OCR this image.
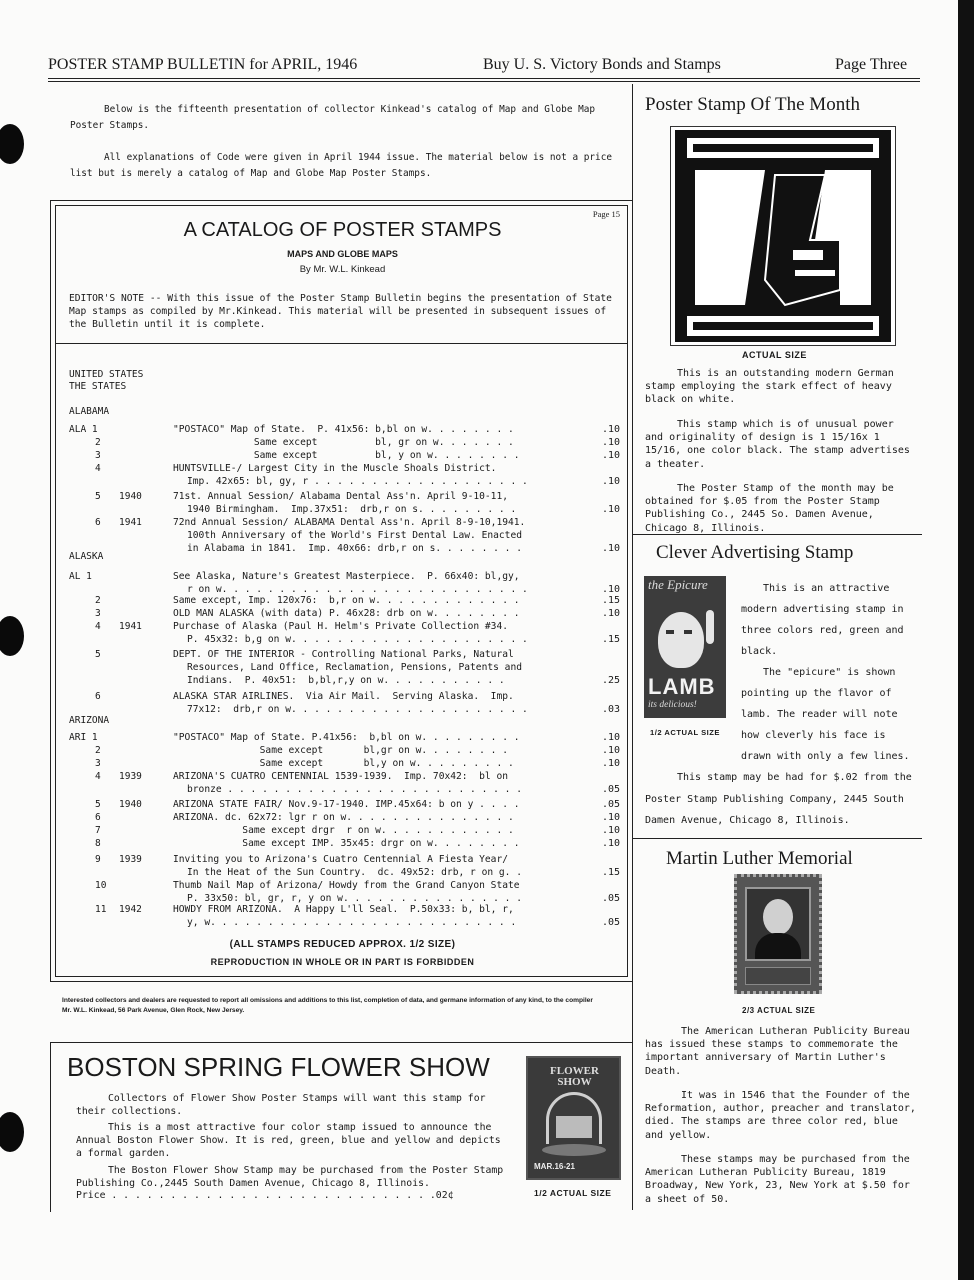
POSTER STAMP BULLETIN for APRIL, 1946	Buy U. S. Victory Bonds and Stamps	Page Three
Below is the fifteenth presentation of collector Kinkead's catalog of Map and Globe Map Poster Stamps.
All explanations of Code were given in April 1944 issue. The material below is not a price list but is merely a catalog of Map and Globe Map Poster Stamps.
Page 15
A CATALOG OF POSTER STAMPS
MAPS AND GLOBE MAPS
By Mr. W.L. Kinkead
EDITOR'S NOTE -- With this issue of the Poster Stamp Bulletin begins the presentation of State Map stamps as compiled by Mr.Kinkead. This material will be presented in subsequent issues of the Bulletin until it is complete.
UNITED STATES
THE STATES
ALABAMA
ALASKA
ARIZONA
ALA 1	"POSTACO" Map of State.  P. 41x56: b,bl on w. . . . . . . .	.10
2	Same except          bl, gr on w. . . . . . .	.10
3	Same except          bl, y on w. . . . . . . .	.10
4	HUNTSVILLE-/ Largest City in the Muscle Shoals District.
Imp. 42x65: bl, gy, r . . . . . . . . . . . . . . . . . . .	.10
5 1940	71st. Annual Session/ Alabama Dental Ass'n. April 9-10-11,
1940 Birmingham.  Imp.37x51:  drb,r on s. . . . . . . . .	.10
6 1941	72nd Annual Session/ ALABAMA Dental Ass'n. April 8-9-10,1941.
100th Anniversary of the World's First Dental Law. Enacted
in Alabama in 1841.  Imp. 40x66: drb,r on s. . . . . . . .	.10
AL 1	See Alaska, Nature's Greatest Masterpiece.  P. 66x40: bl,gy,
r on w. . . . . . . . . . . . . . . . . . . . . . . . . . .	.10
2	Same except, Imp. 120x76:  b,r on w. . . . . . . . . . . . .	.15
3	OLD MAN ALASKA (with data) P. 46x28: drb on w. . . . . . . .	.10
4 1941	Purchase of Alaska (Paul H. Helm's Private Collection #34.
P. 45x32: b,g on w. . . . . . . . . . . . . . . . . . . . .	.15
5	DEPT. OF THE INTERIOR - Controlling National Parks, Natural
Resources, Land Office, Reclamation, Pensions, Patents and
Indians.  P. 40x51:  b,bl,r,y on w. . . . . . . . . . .	.25
6	ALASKA STAR AIRLINES.  Via Air Mail.  Serving Alaska.  Imp.
77x12:  drb,r on w. . . . . . . . . . . . . . . . . . . . .	.03
ARI 1	"POSTACO" Map of State. P.41x56:  b,bl on w. . . . . . . . .	.10
2	Same except       bl,gr on w. . . . . . . .	.10
3	Same except       bl,y on w. . . . . . . . .	.10
4 1939	ARIZONA'S CUATRO CENTENNIAL 1539-1939.  Imp. 70x42:  bl on
bronze . . . . . . . . . . . . . . . . . . . . . . . . . .	.05
5 1940	ARIZONA STATE FAIR/ Nov.9-17-1940. IMP.45x64: b on y . . . .	.05
6	ARIZONA. dc. 62x72: lgr r on w. . . . . . . . . . . . . . .	.10
7	Same except drgr  r on w. . . . . . . . . . . .	.10
8	Same except IMP. 35x45: drgr on w. . . . . . . .	.10
9 1939	Inviting you to Arizona's Cuatro Centennial A Fiesta Year/
In the Heat of the Sun Country.  dc. 49x52: drb, r on g. .	.15
10	Thumb Nail Map of Arizona/ Howdy from the Grand Canyon State
P. 33x50: bl, gr, r, y on w. . . . . . . . . . . . . . . .	.05
11 1942	HOWDY FROM ARIZONA.  A Happy L'll Seal.  P.50x33: b, bl, r,
y, w. . . . . . . . . . . . . . . . . . . . . . . . . . .	.05
(ALL STAMPS REDUCED APPROX. 1/2 SIZE)
REPRODUCTION IN WHOLE OR IN PART IS FORBIDDEN
Interested collectors and dealers are requested to report all omissions and additions to this list, completion of data, and germane information of any kind, to the compiler Mr. W.L. Kinkead, 56 Park Avenue, Glen Rock, New Jersey.
BOSTON SPRING FLOWER SHOW
Collectors of Flower Show Poster Stamps will want this stamp for their collections.
This is a most attractive four color stamp issued to announce the Annual Boston Flower Show. It is red, green, blue and yellow and depicts a formal garden.
The Boston Flower Show Stamp may be purchased from the Poster Stamp Publishing Co.,2445 South Damen Avenue, Chicago 8, Illinois.
Price . . . . . . . . . . . . . . . . . . . . . . . . . . . .02¢
FLOWER SHOW
MAR.16-21
1/2 ACTUAL SIZE
Poster Stamp Of The Month
ACTUAL SIZE
This is an outstanding modern German stamp employing the stark effect of heavy black on white.
This stamp which is of unusual power and originality of design is 1 15/16x 1 15/16, one color black. The stamp advertises a theater.
The Poster Stamp of the month may be obtained for $.05 from the Poster Stamp Publishing Co., 2445 So. Damen Avenue, Chicago 8, Illinois.
Clever Advertising Stamp
the Epicure
LAMB
its delicious!
1/2 ACTUAL SIZE
This is an attractive modern advertising stamp in three colors red, green and black.
The "epicure" is shown pointing up the flavor of lamb. The reader will note how cleverly his face is drawn with only a few lines.
This stamp may be had for $.02 from the Poster Stamp Publishing Company, 2445 South Damen Avenue, Chicago 8, Illinois.
Martin Luther Memorial
2/3 ACTUAL SIZE
The American Lutheran Publicity Bureau has issued these stamps to commemorate the important anniversary of Martin Luther's Death.
It was in 1546 that the Founder of the Reformation, author, preacher and translator, died. The stamps are three color red, blue and yellow.
These stamps may be purchased from the American Lutheran Publicity Bureau, 1819 Broadway, New York, 23, New York at $.50 for a sheet of 50.
